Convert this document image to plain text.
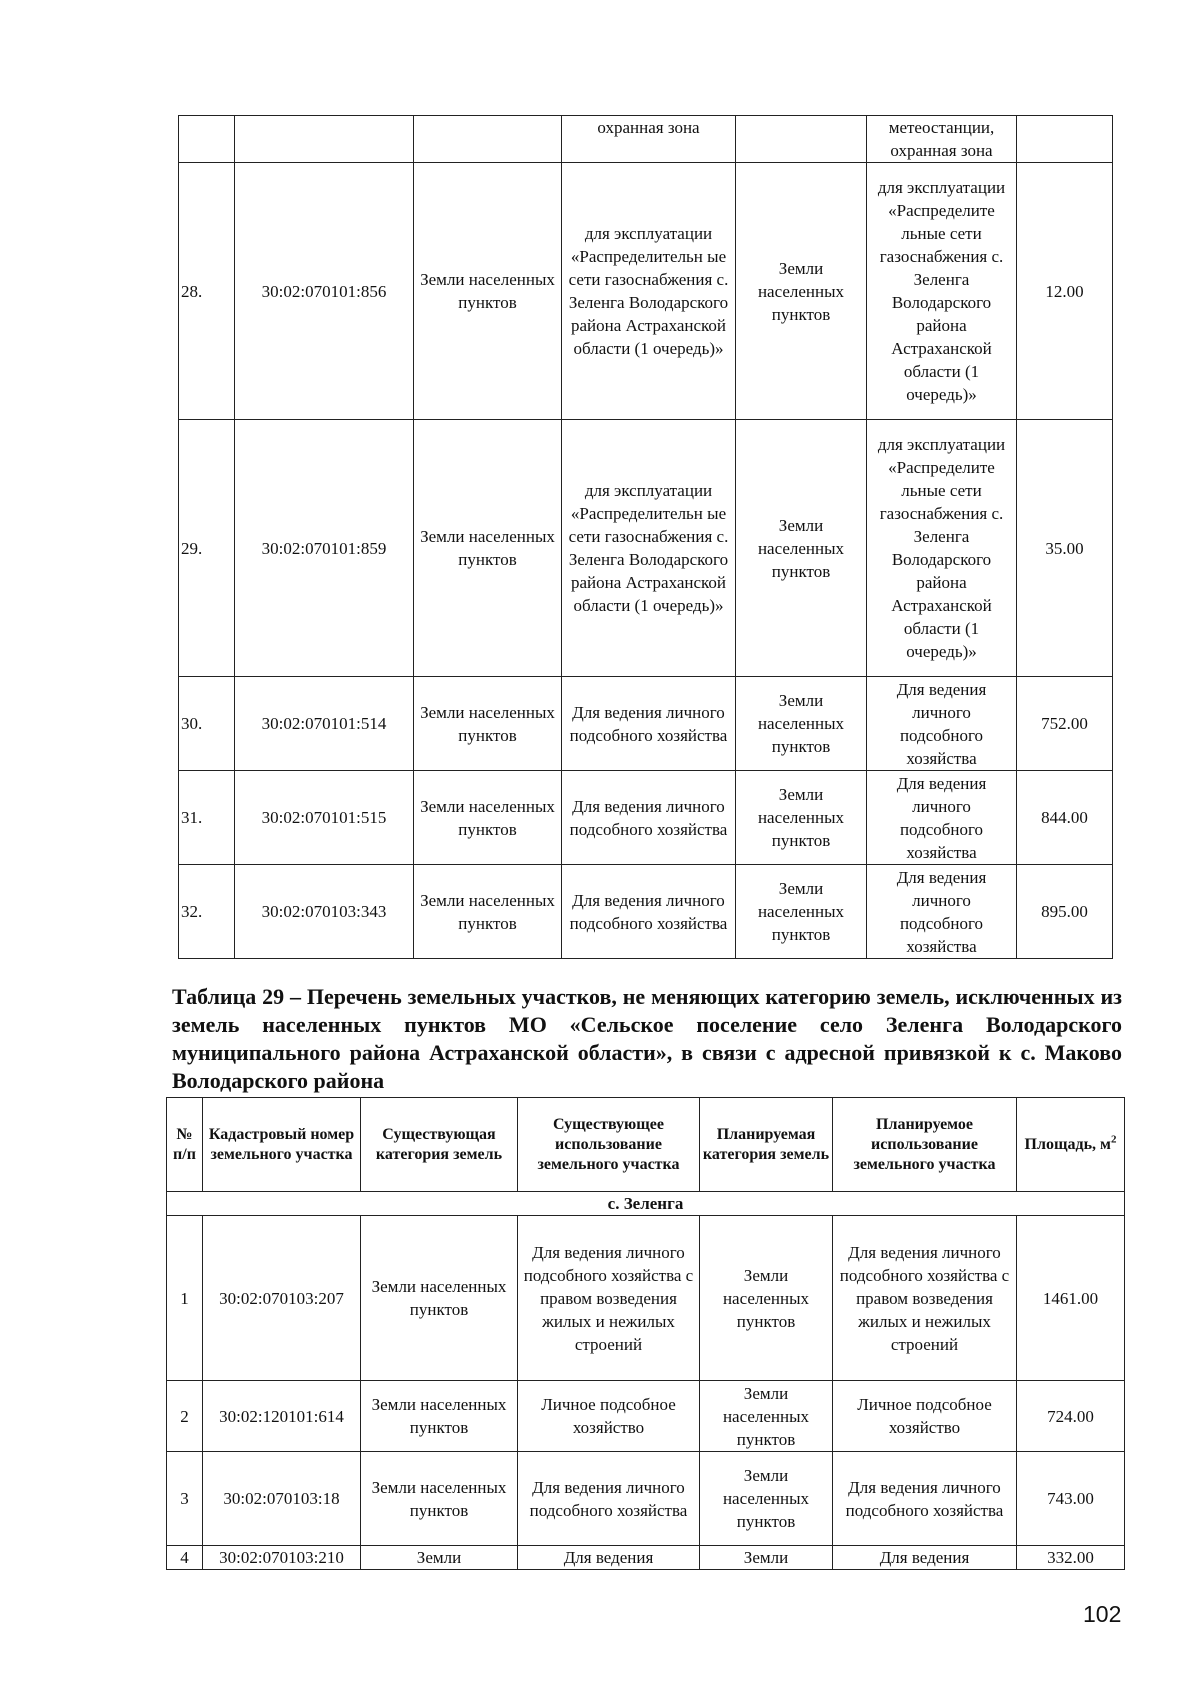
			охранная зона		метеостанции, охранная зона	
28.	30:02:070101:856	Земли населенных пунктов	для эксплуатации «Распределительн ые сети газоснабжения с. Зеленга Володарского района Астраханской области (1 очередь)»	Земли населенных пунктов	для эксплуатации «Распределите льные сети газоснабжения с. Зеленга Володарского района Астраханской области (1 очередь)»	12.00
29.	30:02:070101:859	Земли населенных пунктов	для эксплуатации «Распределительн ые сети газоснабжения с. Зеленга Володарского района Астраханской области (1 очередь)»	Земли населенных пунктов	для эксплуатации «Распределите льные сети газоснабжения с. Зеленга Володарского района Астраханской области (1 очередь)»	35.00
30.	30:02:070101:514	Земли населенных пунктов	Для ведения личного подсобного хозяйства	Земли населенных пунктов	Для ведения личного подсобного хозяйства	752.00
31.	30:02:070101:515	Земли населенных пунктов	Для ведения личного подсобного хозяйства	Земли населенных пунктов	Для ведения личного подсобного хозяйства	844.00
32.	30:02:070103:343	Земли населенных пунктов	Для ведения личного подсобного хозяйства	Земли населенных пунктов	Для ведения личного подсобного хозяйства	895.00
Таблица 29 – Перечень земельных участков, не меняющих категорию земель, исключенных из земель населенных пунктов МО «Сельское поселение село Зеленга Володарского муниципального района Астраханской области», в связи с адресной привязкой к с. Маково Володарского района
№ п/п	Кадастровый номер земельного участка	Существующая категория земель	Существующее использование земельного участка	Планируемая категория земель	Планируемое использование земельного участка	Площадь, $м^2$
с. Зеленга						
1	30:02:070103:207	Земли населенных пунктов	Для ведения личного подсобного хозяйства с правом возведения жилых и нежилых строений	Земли населенных пунктов	Для ведения личного подсобного хозяйства с правом возведения жилых и нежилых строений	1461.00
2	30:02:120101:614	Земли населенных пунктов	Личное подсобное хозяйство	Земли населенных пунктов	Личное подсобное хозяйство	724.00
3	30:02:070103:18	Земли населенных пунктов	Для ведения личного подсобного хозяйства	Земли населенных пунктов	Для ведения личного подсобного хозяйства	743.00
4	30:02:070103:210	Земли	Для ведения	Земли	Для ведения	332.00
102
